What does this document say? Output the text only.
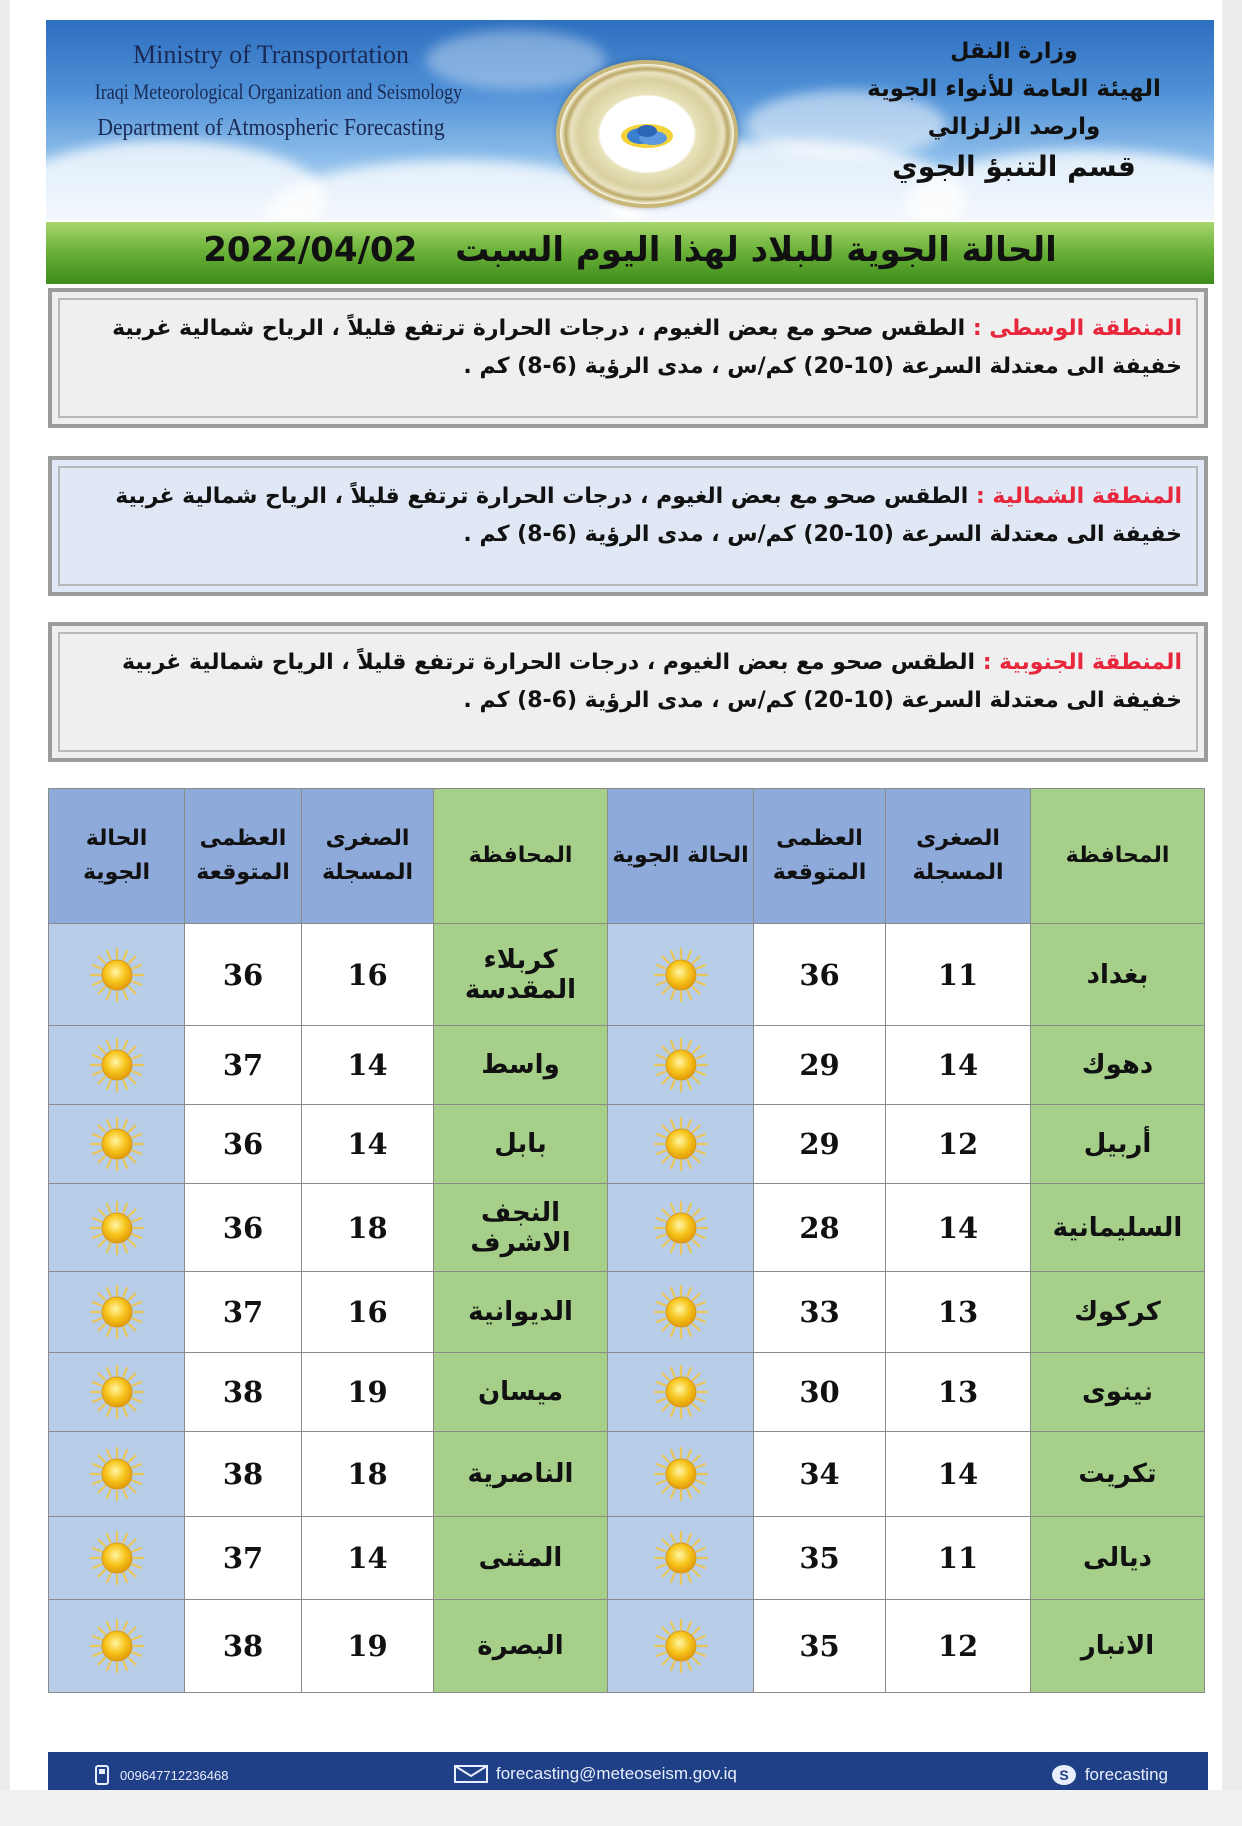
Ministry of Transportation
Iraqi Meteorological Organization and Seismology
Department of Atmospheric Forecasting
وزارة النقل
الهيئة العامة للأنواء الجوية وارصد الزلزالي
قسم التنبؤ الجوي
الحالة الجوية للبلاد لهذا اليوم السبت 2022/04/02
المنطقة الوسطى : الطقس صحو مع بعض الغيوم ، درجات الحرارة ترتفع قليلاً ، الرياح شمالية غربية خفيفة الى معتدلة السرعة (10-20) كم/س ، مدى الرؤية (6-8) كم .
المنطقة الشمالية : الطقس صحو مع بعض الغيوم ، درجات الحرارة ترتفع قليلاً ، الرياح شمالية غربية خفيفة الى معتدلة السرعة (10-20) كم/س ، مدى الرؤية (6-8) كم .
المنطقة الجنوبية : الطقس صحو مع بعض الغيوم ، درجات الحرارة ترتفع قليلاً ، الرياح شمالية غربية خفيفة الى معتدلة السرعة (10-20) كم/س ، مدى الرؤية (6-8) كم .
المحافظة	الصغرى المسجلة	العظمى المتوقعة	الحالة الجوية	المحافظة	الصغرى المسجلة	العظمى المتوقعة	الحالة الجوية
بغداد	11	36		كربلاء المقدسة	16	36	
دهوك	14	29		واسط	14	37	
أربيل	12	29		بابل	14	36	
السليمانية	14	28		النجف الاشرف	18	36	
كركوك	13	33		الديوانية	16	37	
نينوى	13	30		ميسان	19	38	
تكريت	14	34		الناصرية	18	38	
ديالى	11	35		المثنى	14	37	
الانبار	12	35		البصرة	19	38	
009647712236468	forecasting@meteoseism.gov.iq	S forecasting
